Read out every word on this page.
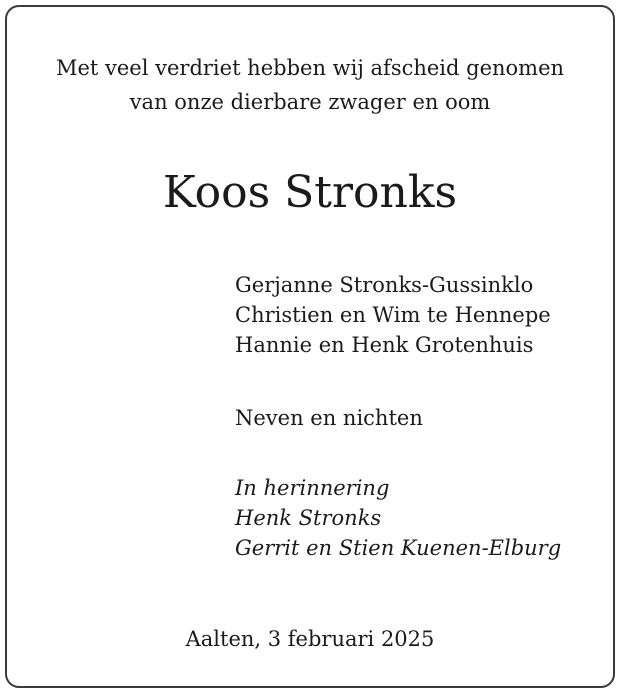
Met veel verdriet hebben wij afscheid genomen
van onze dierbare zwager en oom
Koos Stronks
Gerjanne Stronks-Gussinklo
Christien en Wim te Hennepe
Hannie en Henk Grotenhuis
Neven en nichten
In herinnering
Henk Stronks
Gerrit en Stien Kuenen-Elburg
Aalten, 3 februari 2025
